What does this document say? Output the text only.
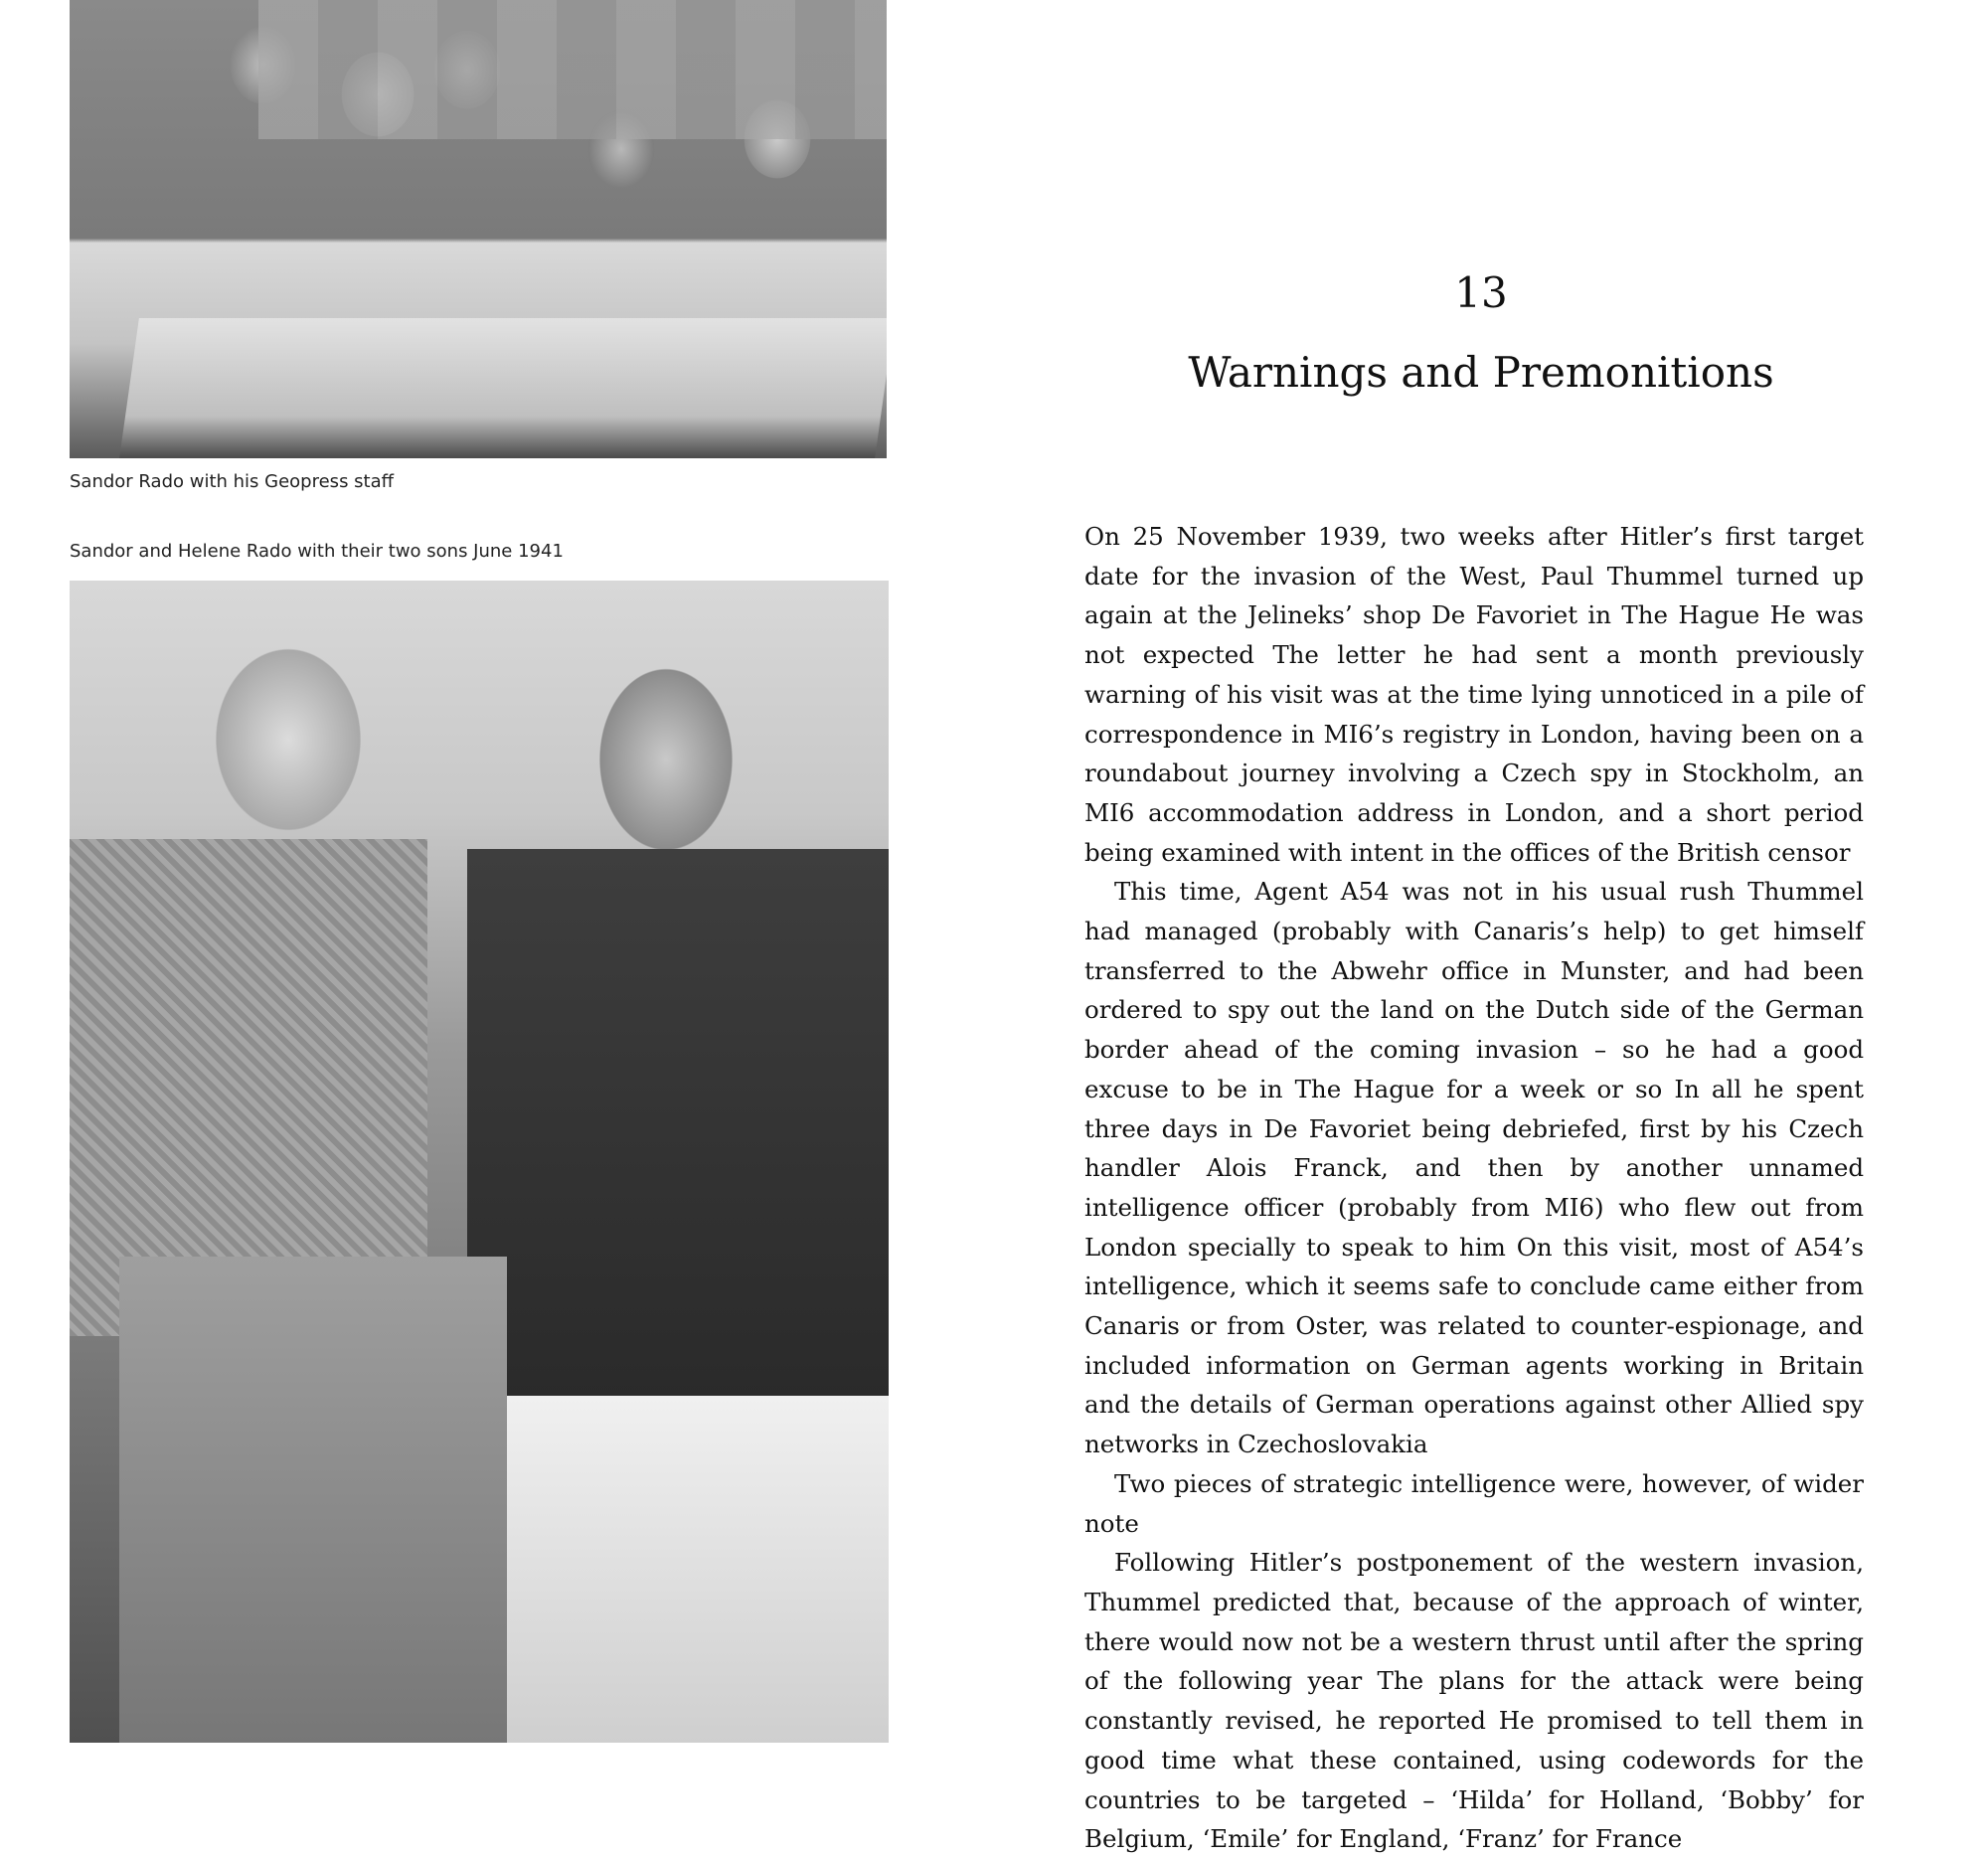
Sandor Rado with his Geopress staff
Sandor and Helene Rado with their two sons June 1941
13
Warnings and Premonitions

On 25 November 1939, two weeks after Hitler’s first target date for the invasion of the West, Paul Thummel turned up again at the Jelineks’ shop De Favoriet in The Hague He was not expected The letter he had sent a month previously warning of his visit was at the time lying unnoticed in a pile of correspondence in MI6’s registry in London, having been on a roundabout journey involving a Czech spy in Stockholm, an MI6 accommodation address in London, and a short period being examined with intent in the offices of the British censor

This time, Agent A54 was not in his usual rush Thummel had managed (probably with Canaris’s help) to get himself transferred to the Abwehr office in Munster, and had been ordered to spy out the land on the Dutch side of the German border ahead of the coming invasion – so he had a good excuse to be in The Hague for a week or so In all he spent three days in De Favoriet being debriefed, first by his Czech handler Alois Franck, and then by another unnamed intelligence officer (probably from MI6) who flew out from London specially to speak to him On this visit, most of A54’s intelligence, which it seems safe to conclude came either from Canaris or from Oster, was related to counter-espionage, and included information on German agents working in Britain and the details of German operations against other Allied spy networks in Czechoslovakia

Two pieces of strategic intelligence were, however, of wider note

Following Hitler’s postponement of the western invasion, Thummel predicted that, because of the approach of winter, there would now not be a western thrust until after the spring of the following year The plans for the attack were being constantly revised, he reported He promised to tell them in good time what these contained, using codewords for the countries to be targeted – ‘Hilda’ for Holland, ‘Bobby’ for Belgium, ‘Emile’ for England, ‘Franz’ for France
